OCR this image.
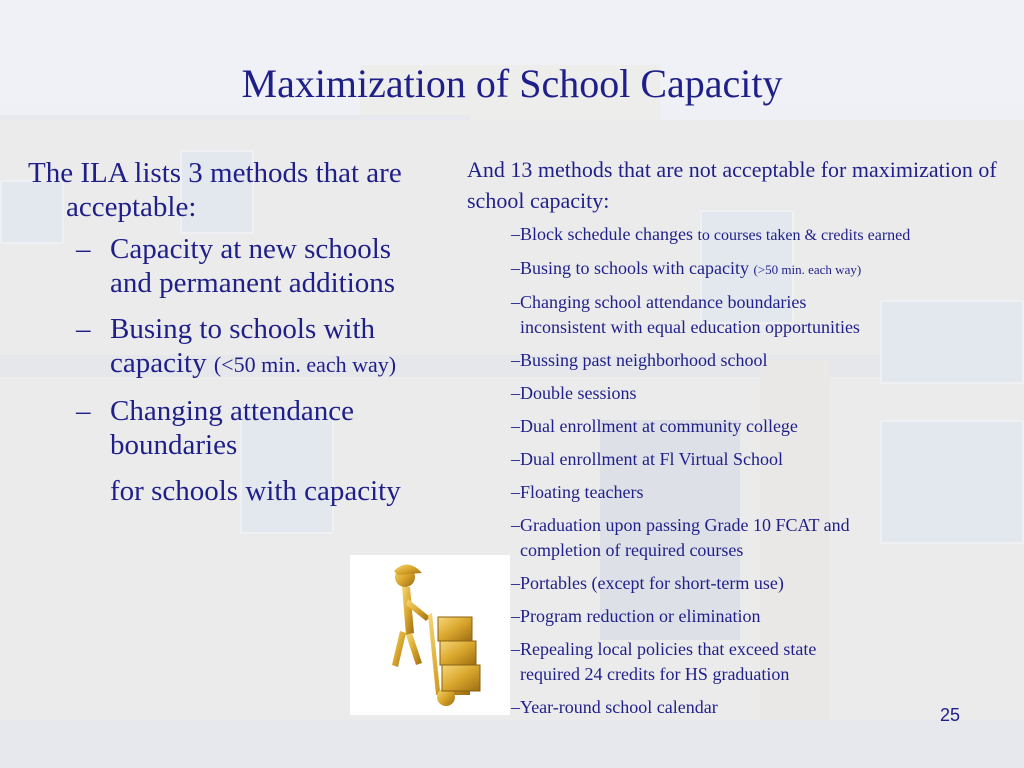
Maximization of School Capacity

The ILA lists 3 methods that are acceptable:

– Capacity at new schools and permanent additions
– Busing to schools with capacity (<50 min. each way)
– Changing attendance boundaries
for schools with capacity

And 13 methods that are not acceptable for maximization of school capacity:

–Block schedule changes to courses taken & credits earned
–Busing to schools with capacity (>50 min. each way)
–Changing school attendance boundaries
inconsistent with equal education opportunities
–Bussing past neighborhood school
–Double sessions
–Dual enrollment at community college
–Dual enrollment at Fl Virtual School
–Floating teachers
–Graduation upon passing Grade 10 FCAT and
completion of required courses
–Portables (except for short-term use)
–Program reduction or elimination
–Repealing local policies that exceed state
required 24 credits for HS graduation
–Year-round school calendar	25
